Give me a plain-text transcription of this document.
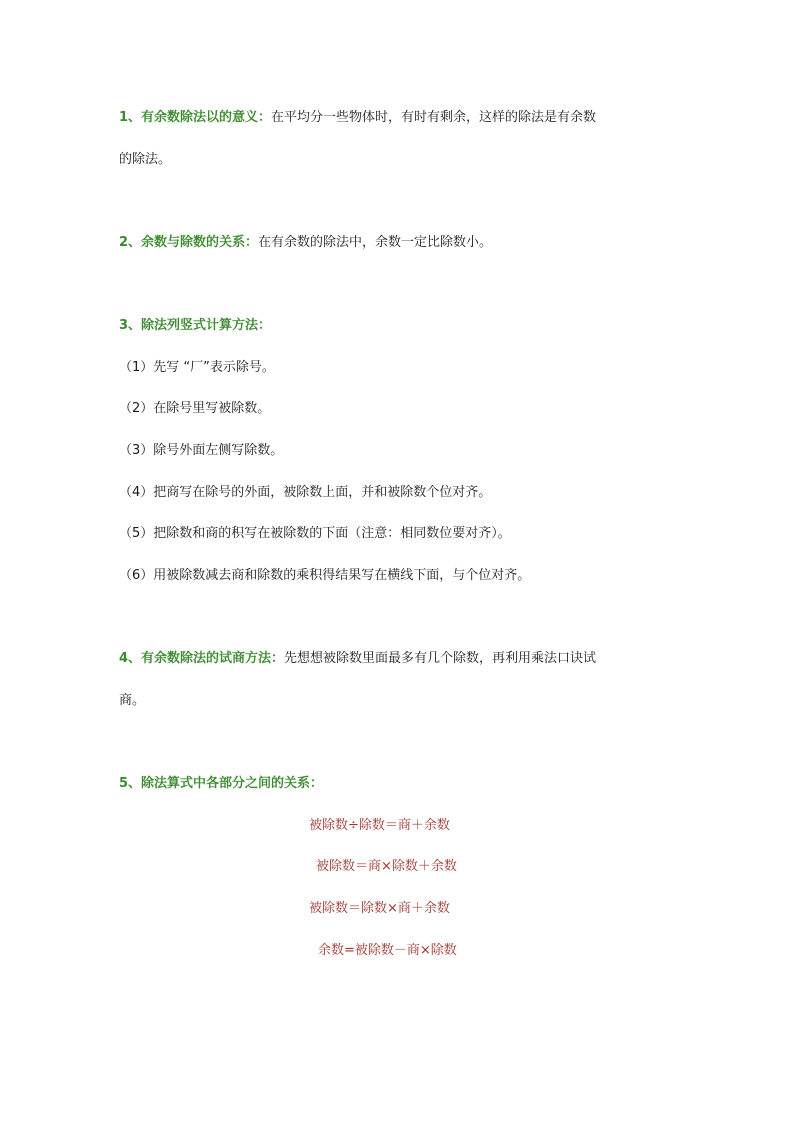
1、有余数除法以的意义：在平均分一些物体时，有时有剩余，这样的除法是有余数
的除法。
2、余数与除数的关系：在有余数的除法中，余数一定比除数小。
3、除法列竖式计算方法：
（1）先写 “厂”表示除号。
（2）在除号里写被除数。
（3）除号外面左侧写除数。
（4）把商写在除号的外面，被除数上面，并和被除数个位对齐。
（5）把除数和商的积写在被除数的下面（注意：相同数位要对齐）。
（6）用被除数减去商和除数的乘积得结果写在横线下面，与个位对齐。
4、有余数除法的试商方法：先想想被除数里面最多有几个除数，再利用乘法口诀试
商。
5、除法算式中各部分之间的关系：
被除数÷除数＝商＋余数
被除数＝商×除数＋余数
被除数＝除数×商＋余数
余数=被除数－商×除数
